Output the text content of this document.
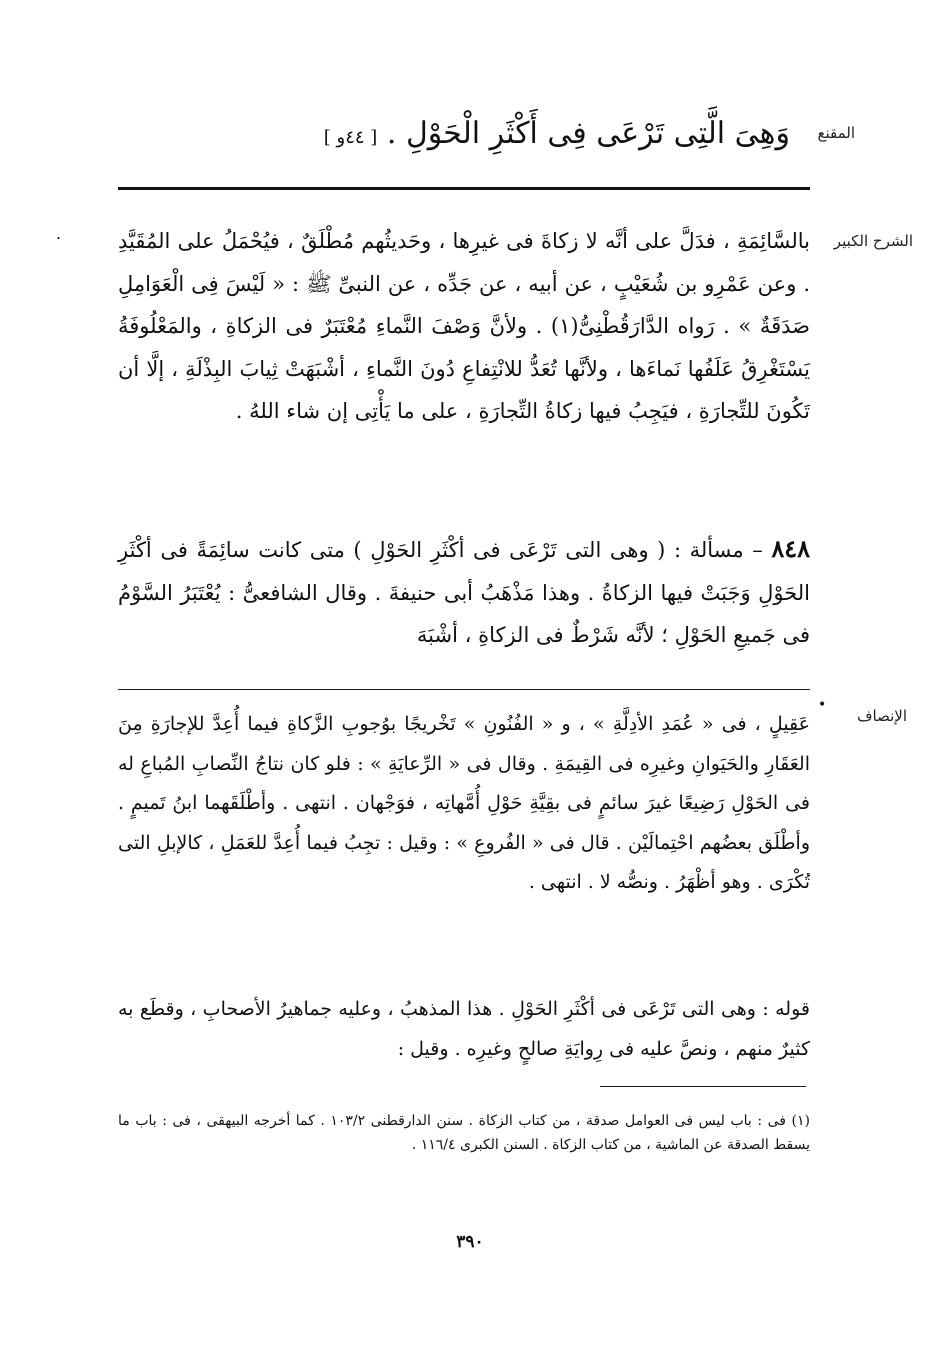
المقنع
وَهِىَ الَّتِى تَرْعَى فِى أَكْثَرِ الْحَوْلِ . [ ٤٤و ]
.	الشرح الكبير
بالسَّائِمَةِ ، فدَلَّ على أنَّه لا زكاةَ فى غيرِها ، وحَديثُهم مُطْلَقٌ ، فيُحْمَلُ على المُقَيَّدِ . وعن عَمْرِو بن شُعَيْبٍ ، عن أبيه ، عن جَدِّه ، عن النبىِّ ﷺ : « لَيْسَ فِى الْعَوَامِلِ صَدَقَةٌ » . رَواه الدَّارَقُطْنِىُّ(١) . ولأنَّ وَصْفَ النَّماءِ مُعْتَبَرٌ فى الزكاةِ ، والمَعْلُوفَةُ يَسْتَغْرِقُ عَلَفُها نَماءَها ، ولأنَّها تُعَدُّ للانْتِفاعِ دُونَ النَّماءِ ، أشْبَهَتْ ثِيابَ البِذْلَةِ ، إلَّا أن تَكُونَ للتِّجارَةِ ، فيَجِبُ فيها زكاةُ التِّجارَةِ ، على ما يَأْتِى إن شاء اللهُ .
٨٤٨ – مسألة : ( وهى التى تَرْعَى فى أكْثَرِ الحَوْلِ ) متى كانت سائِمَةً فى أكْثَرِ الحَوْلِ وَجَبَتْ فيها الزكاةُ . وهذا مَذْهَبُ أبى حنيفةَ . وقال الشافعىُّ : يُعْتَبَرُ السَّوْمُ فى جَميعِ الحَوْلِ ؛ لأنَّه شَرْطٌ فى الزكاةِ ، أشْبَهَ
•
الإنصاف
عَقِيلٍ ، فى « عُمَدِ الأدِلَّةِ » ، و « الفُنُونِ » تَخْريجًا بوُجوبِ الزَّكاةِ فيما أُعِدَّ للإجارَةِ مِنَ العَقَارِ والحَيَوانِ وغيرِه فى القِيمَةِ . وقال فى « الرِّعايَةِ » : فلو كان نتاجُ النِّصابِ المُباعِ له فى الحَوْلِ رَضِيعًا غيرَ سائمٍ فى بقِيَّةِ حَوْلِ أُمَّهاتِه ، فوَجْهان . انتهى . وأطْلَقَهما ابنُ تَميمٍ . وأطْلَق بعضُهم احْتِمالَيْن . قال فى « الفُروعِ » : وقيل : تجِبُ فيما أُعِدَّ للعَمَلِ ، كالإبلِ التى تُكْرَى . وهو أظْهَرُ . ونصُّه لا . انتهى .
قوله : وهى التى تَرْعَى فى أكْثَرِ الحَوْلِ . هذا المذهبُ ، وعليه جماهيرُ الأصحابِ ، وقطَع به كثيرٌ منهم ، ونصَّ عليه فى رِوايَةِ صالحٍ وغيرِه . وقيل :
(١) فى : باب ليس فى العوامل صدقة ، من كتاب الزكاة . سنن الدارقطنى ١٠٣/٢ . كما أخرجه البيهقى ، فى : باب ما يسقط الصدقة عن الماشية ، من كتاب الزكاة . السنن الكبرى ١١٦/٤ .
٣٩٠
